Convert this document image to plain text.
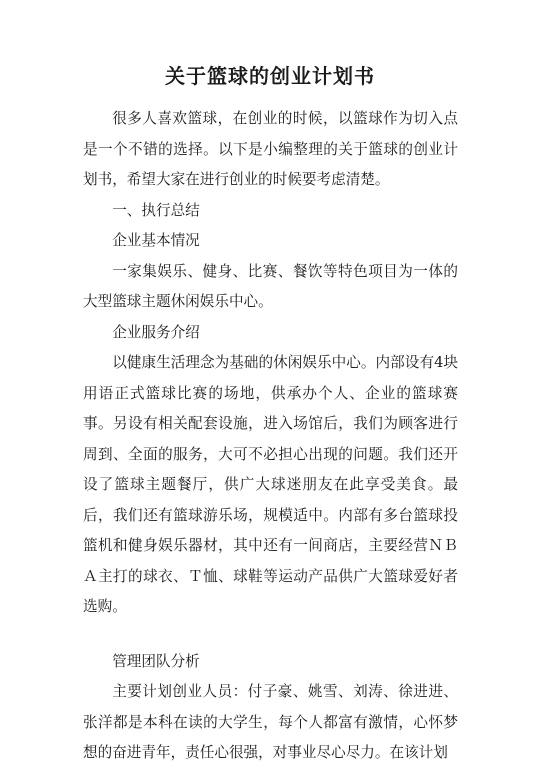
关于篮球的创业计划书

很多人喜欢篮球，在创业的时候，以篮球作为切入点是一个不错的选择。以下是小编整理的关于篮球的创业计划书，希望大家在进行创业的时候要考虑清楚。

一、执行总结

企业基本情况

一家集娱乐、健身、比赛、餐饮等特色项目为一体的大型篮球主题休闲娱乐中心。

企业服务介绍

以健康生活理念为基础的休闲娱乐中心。内部设有4块用语正式篮球比赛的场地，供承办个人、企业的篮球赛事。另设有相关配套设施，进入场馆后，我们为顾客进行周到、全面的服务，大可不必担心出现的问题。我们还开设了篮球主题餐厅，供广大球迷朋友在此享受美食。最后，我们还有篮球游乐场，规模适中。内部有多台篮球投篮机和健身娱乐器材，其中还有一间商店，主要经营ＮＢＡ主打的球衣、Ｔ恤、球鞋等运动产品供广大篮球爱好者选购。

管理团队分析

主要计划创业人员：付子豪、姚雪、刘涛、徐进进、张洋都是本科在读的大学生，每个人都富有激情，心怀梦想的奋进青年，责任心很强，对事业尽心尽力。在该计划
